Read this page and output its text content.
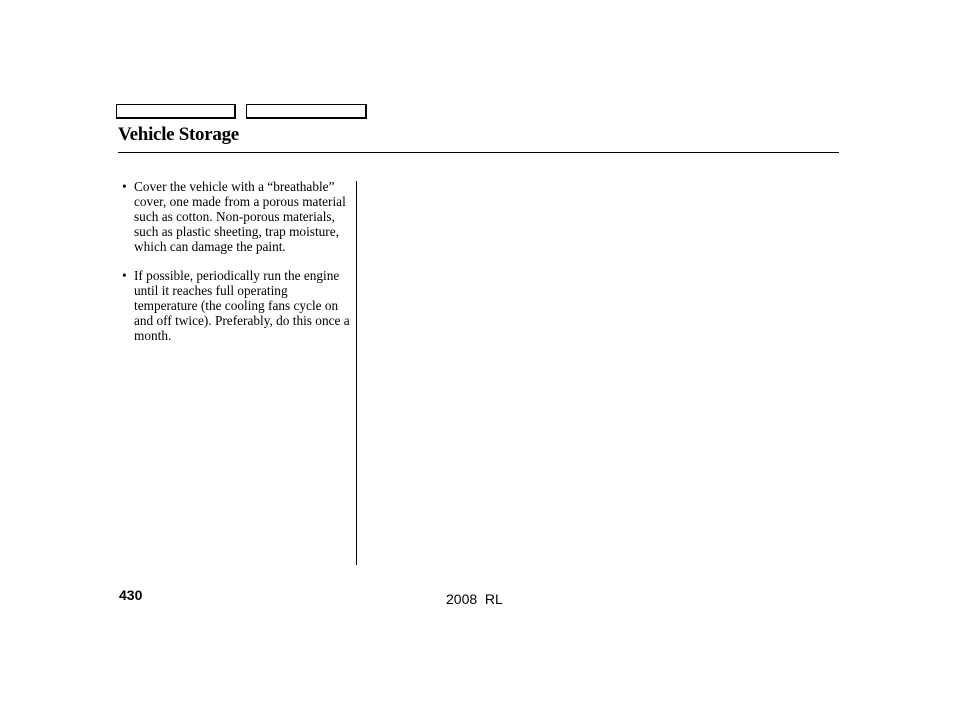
Vehicle Storage
• Cover the vehicle with a “breathable” cover, one made from a porous material such as cotton. Non-porous materials, such as plastic sheeting, trap moisture, which can damage the paint.
• If possible, periodically run the engine until it reaches full operating temperature (the cooling fans cycle on and off twice). Preferably, do this once a month.
430	2008  RL
